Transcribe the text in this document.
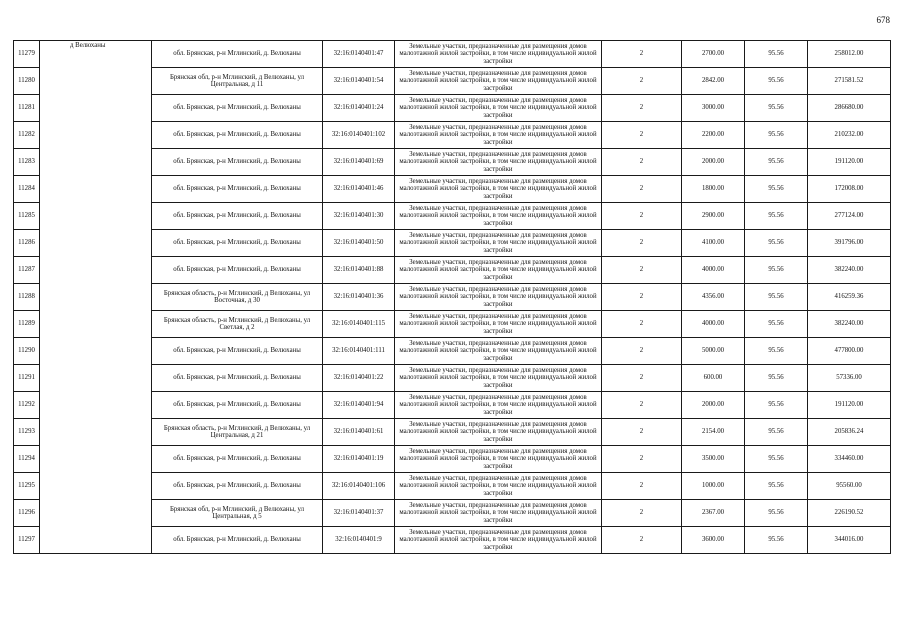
678
11279	д Велюханы	обл. Брянская, р-н Мглинский, д. Велюханы	32:16:0140401:47	Земельные участки, предназначенные для размещения домов малоэтажной жилой застройки, в том числе индивидуальной жилой застройки	2	2700.00	95.56	258012.00
11280		Брянская обл, р-н Мглинский, д Велюханы, ул Центральная, д 11	32:16:0140401:54	Земельные участки, предназначенные для размещения домов малоэтажной жилой застройки, в том числе индивидуальной жилой застройки	2	2842.00	95.56	271581.52
11281		обл. Брянская, р-н Мглинский, д. Велюханы	32:16:0140401:24	Земельные участки, предназначенные для размещения домов малоэтажной жилой застройки, в том числе индивидуальной жилой застройки	2	3000.00	95.56	286680.00
11282		обл. Брянская, р-н Мглинский, д. Велюханы	32:16:0140401:102	Земельные участки, предназначенные для размещения домов малоэтажной жилой застройки, в том числе индивидуальной жилой застройки	2	2200.00	95.56	210232.00
11283		обл. Брянская, р-н Мглинский, д. Велюханы	32:16:0140401:69	Земельные участки, предназначенные для размещения домов малоэтажной жилой застройки, в том числе индивидуальной жилой застройки	2	2000.00	95.56	191120.00
11284		обл. Брянская, р-н Мглинский, д. Велюханы	32:16:0140401:46	Земельные участки, предназначенные для размещения домов малоэтажной жилой застройки, в том числе индивидуальной жилой застройки	2	1800.00	95.56	172008.00
11285		обл. Брянская, р-н Мглинский, д. Велюханы	32:16:0140401:30	Земельные участки, предназначенные для размещения домов малоэтажной жилой застройки, в том числе индивидуальной жилой застройки	2	2900.00	95.56	277124.00
11286		обл. Брянская, р-н Мглинский, д. Велюханы	32:16:0140401:50	Земельные участки, предназначенные для размещения домов малоэтажной жилой застройки, в том числе индивидуальной жилой застройки	2	4100.00	95.56	391796.00
11287		обл. Брянская, р-н Мглинский, д. Велюханы	32:16:0140401:88	Земельные участки, предназначенные для размещения домов малоэтажной жилой застройки, в том числе индивидуальной жилой застройки	2	4000.00	95.56	382240.00
11288		Брянская область, р-н Мглинский, д Велюханы, ул Восточная, д 30	32:16:0140401:36	Земельные участки, предназначенные для размещения домов малоэтажной жилой застройки, в том числе индивидуальной жилой застройки	2	4356.00	95.56	416259.36
11289		Брянская область, р-н Мглинский, д Велюханы, ул Светлая, д 2	32:16:0140401:115	Земельные участки, предназначенные для размещения домов малоэтажной жилой застройки, в том числе индивидуальной жилой застройки	2	4000.00	95.56	382240.00
11290		обл. Брянская, р-н Мглинский, д. Велюханы	32:16:0140401:111	Земельные участки, предназначенные для размещения домов малоэтажной жилой застройки, в том числе индивидуальной жилой застройки	2	5000.00	95.56	477800.00
11291		обл. Брянская, р-н Мглинский, д. Велюханы	32:16:0140401:22	Земельные участки, предназначенные для размещения домов малоэтажной жилой застройки, в том числе индивидуальной жилой застройки	2	600.00	95.56	57336.00
11292		обл. Брянская, р-н Мглинский, д. Велюханы	32:16:0140401:94	Земельные участки, предназначенные для размещения домов малоэтажной жилой застройки, в том числе индивидуальной жилой застройки	2	2000.00	95.56	191120.00
11293		Брянская область, р-н Мглинский, д Велюханы, ул Центральная, д 21	32:16:0140401:61	Земельные участки, предназначенные для размещения домов малоэтажной жилой застройки, в том числе индивидуальной жилой застройки	2	2154.00	95.56	205836.24
11294		обл. Брянская, р-н Мглинский, д. Велюханы	32:16:0140401:19	Земельные участки, предназначенные для размещения домов малоэтажной жилой застройки, в том числе индивидуальной жилой застройки	2	3500.00	95.56	334460.00
11295		обл. Брянская, р-н Мглинский, д. Велюханы	32:16:0140401:106	Земельные участки, предназначенные для размещения домов малоэтажной жилой застройки, в том числе индивидуальной жилой застройки	2	1000.00	95.56	95560.00
11296		Брянская обл, р-н Мглинский, д Велюханы, ул Центральная, д 5	32:16:0140401:37	Земельные участки, предназначенные для размещения домов малоэтажной жилой застройки, в том числе индивидуальной жилой застройки	2	2367.00	95.56	226190.52
11297		обл. Брянская, р-н Мглинский, д. Велюханы	32:16:0140401:9	Земельные участки, предназначенные для размещения домов малоэтажной жилой застройки, в том числе индивидуальной жилой застройки	2	3600.00	95.56	344016.00
